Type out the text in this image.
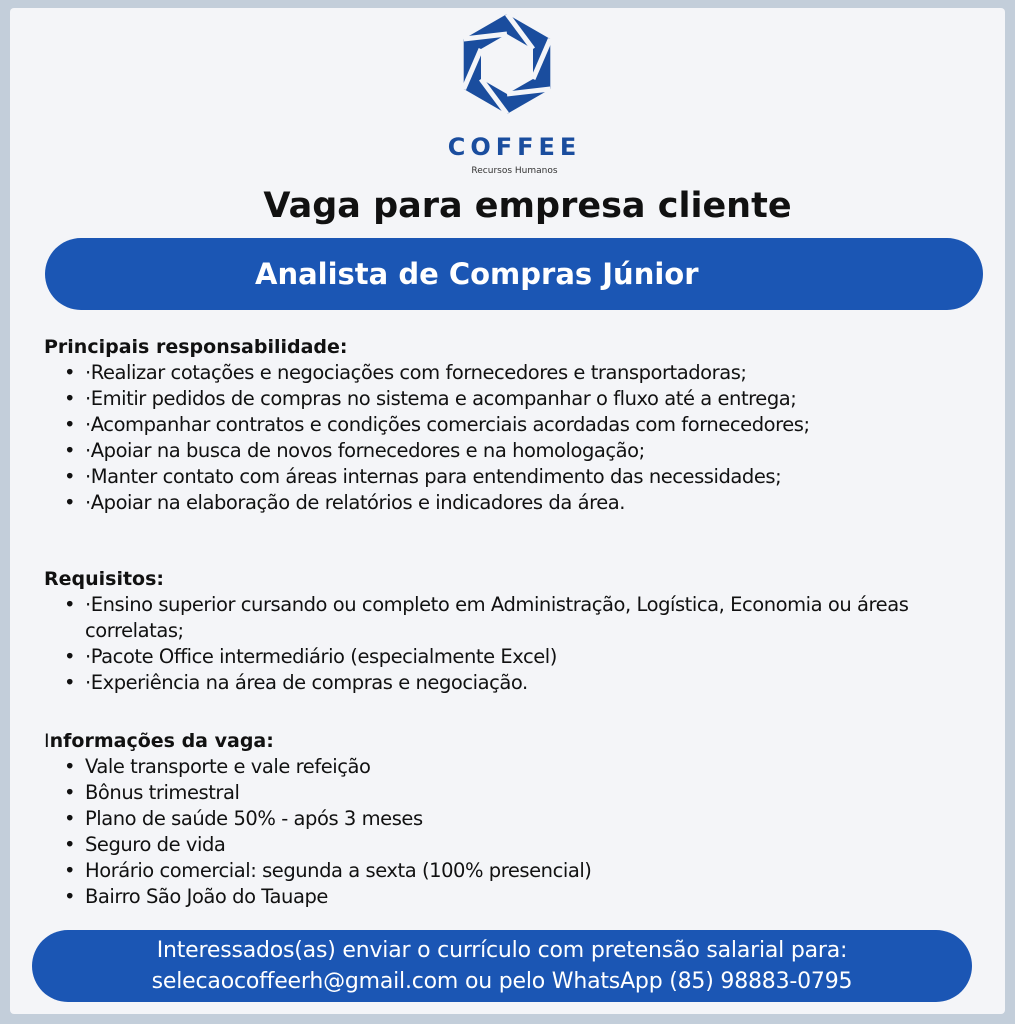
COFFEE
Recursos Humanos
Vaga para empresa cliente
Analista de Compras Júnior

Principais responsabilidade:

• ·Realizar cotações e negociações com fornecedores e transportadoras;
• ·Emitir pedidos de compras no sistema e acompanhar o fluxo até a entrega;
• ·Acompanhar contratos e condições comerciais acordadas com fornecedores;
• ·Apoiar na busca de novos fornecedores e na homologação;
• ·Manter contato com áreas internas para entendimento das necessidades;
• ·Apoiar na elaboração de relatórios e indicadores da área.

Requisitos:

• ·Ensino superior cursando ou completo em Administração, Logística, Economia ou áreas correlatas;
• ·Pacote Office intermediário (especialmente Excel)
• ·Experiência na área de compras e negociação.

Informações da vaga:

• Vale transporte e vale refeição
• Bônus trimestral
• Plano de saúde 50% - após 3 meses
• Seguro de vida
• Horário comercial: segunda a sexta (100% presencial)
• Bairro São João do Tauape
Interessados(as) enviar o currículo com pretensão salarial para:
selecaocoffeerh@gmail.com ou pelo WhatsApp (85) 98883-0795
